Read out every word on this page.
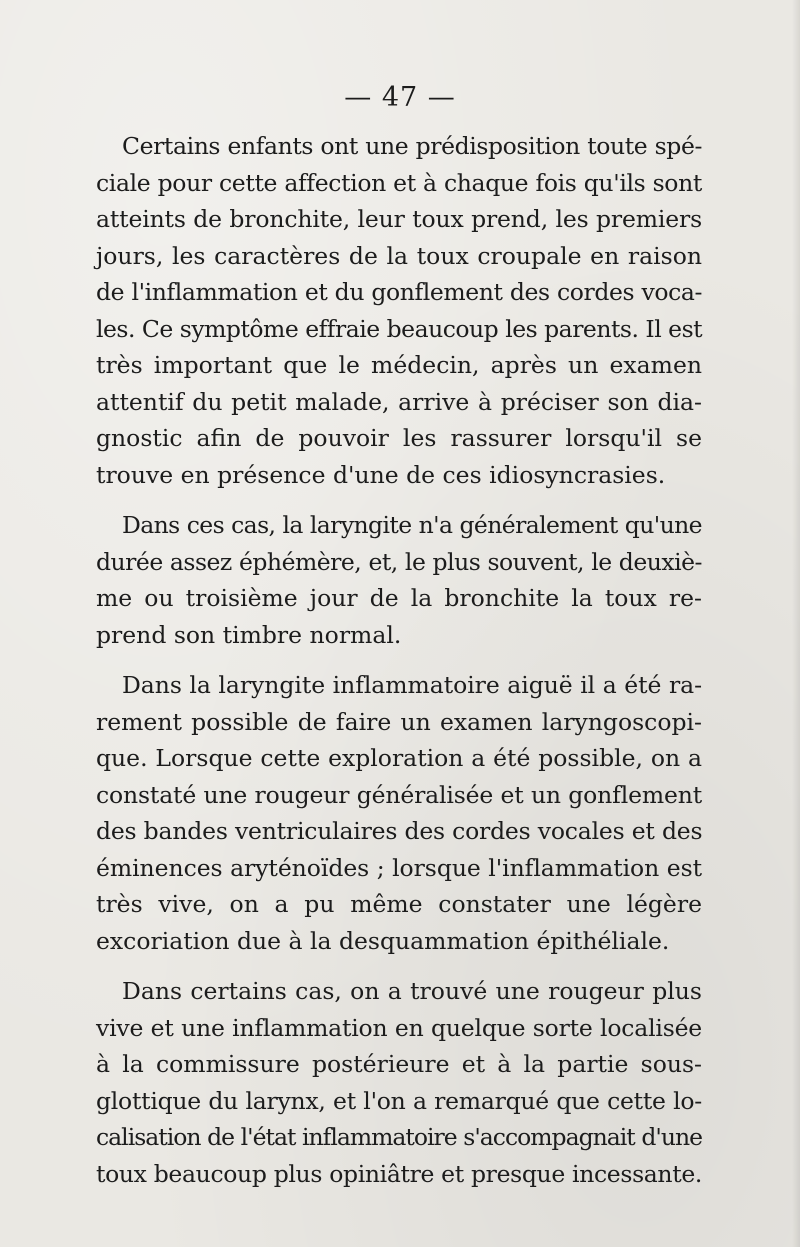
— 47 —
Certains enfants ont une prédisposition toute spé-
ciale pour cette affection et à chaque fois qu'ils sont
atteints de bronchite, leur toux prend, les premiers
jours, les caractères de la toux croupale en raison
de l'inflammation et du gonflement des cordes voca-
les. Ce symptôme effraie beaucoup les parents. Il est
très important que le médecin, après un examen
attentif du petit malade, arrive à préciser son dia-
gnostic afin de pouvoir les rassurer lorsqu'il se
trouve en présence d'une de ces idiosyncrasies.
Dans ces cas, la laryngite n'a généralement qu'une
durée assez éphémère, et, le plus souvent, le deuxiè-
me ou troisième jour de la bronchite la toux re-
prend son timbre normal.
Dans la laryngite inflammatoire aiguë il a été ra-
rement possible de faire un examen laryngoscopi-
que. Lorsque cette exploration a été possible, on a
constaté une rougeur généralisée et un gonflement
des bandes ventriculaires des cordes vocales et des
éminences aryténoïdes ; lorsque l'inflammation est
très vive, on a pu même constater une légère
excoriation due à la desquammation épithéliale.
Dans certains cas, on a trouvé une rougeur plus
vive et une inflammation en quelque sorte localisée
à la commissure postérieure et à la partie sous-
glottique du larynx, et l'on a remarqué que cette lo-
calisation de l'état inflammatoire s'accompagnait d'une
toux beaucoup plus opiniâtre et presque incessante.
